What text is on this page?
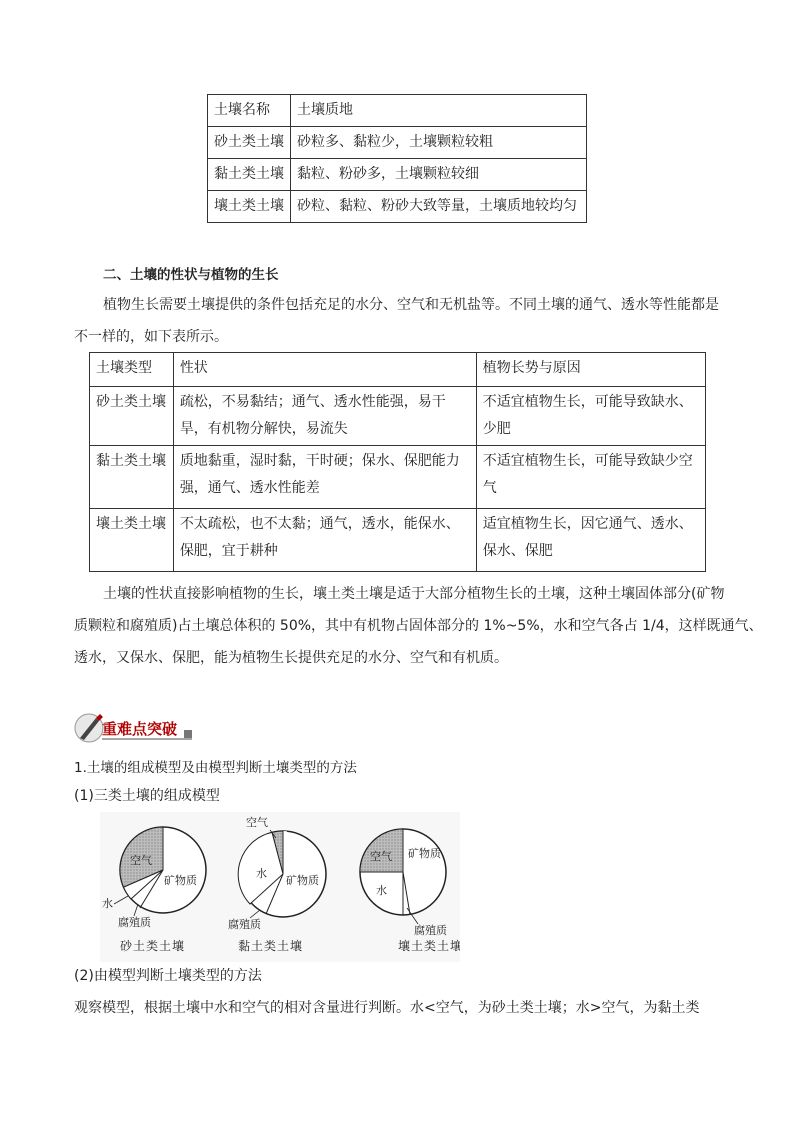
土壤名称	土壤质地
砂土类土壤	砂粒多、黏粒少，土壤颗粒较粗
黏土类土壤	黏粒、粉砂多，土壤颗粒较细
壤土类土壤	砂粒、黏粒、粉砂大致等量，土壤质地较均匀
二、土壤的性状与植物的生长
植物生长需要土壤提供的条件包括充足的水分、空气和无机盐等。不同土壤的通气、透水等性能都是
不一样的，如下表所示。
土壤类型	性状	植物长势与原因
砂土类土壤	疏松，不易黏结；通气、透水性能强，易干旱，有机物分解快，易流失	不适宜植物生长，可能导致缺水、少肥
黏土类土壤	质地黏重，湿时黏，干时硬；保水、保肥能力强，通气、透水性能差	不适宜植物生长，可能导致缺少空气
壤土类土壤	不太疏松，也不太黏；通气，透水，能保水、保肥，宜于耕种	适宜植物生长，因它通气、透水、保水、保肥
土壤的性状直接影响植物的生长，壤土类土壤是适于大部分植物生长的土壤，这种土壤固体部分(矿物
质颗粒和腐殖质)占土壤总体积的 50%，其中有机物占固体部分的 1%~5%，水和空气各占 1/4，这样既通气、
透水，又保水、保肥，能为植物生长提供充足的水分、空气和有机质。
重难点突破
1.土壤的组成模型及由模型判断土壤类型的方法
(1)三类土壤的组成模型
空气
矿物质
水
腐殖质
砂土类土壤
空气
水
矿物质
腐殖质
黏土类土壤
空气 矿物质
水
腐殖质
壤土类土壤
(2)由模型判断土壤类型的方法
观察模型，根据土壤中水和空气的相对含量进行判断。水<空气，为砂土类土壤；水>空气，为黏土类
